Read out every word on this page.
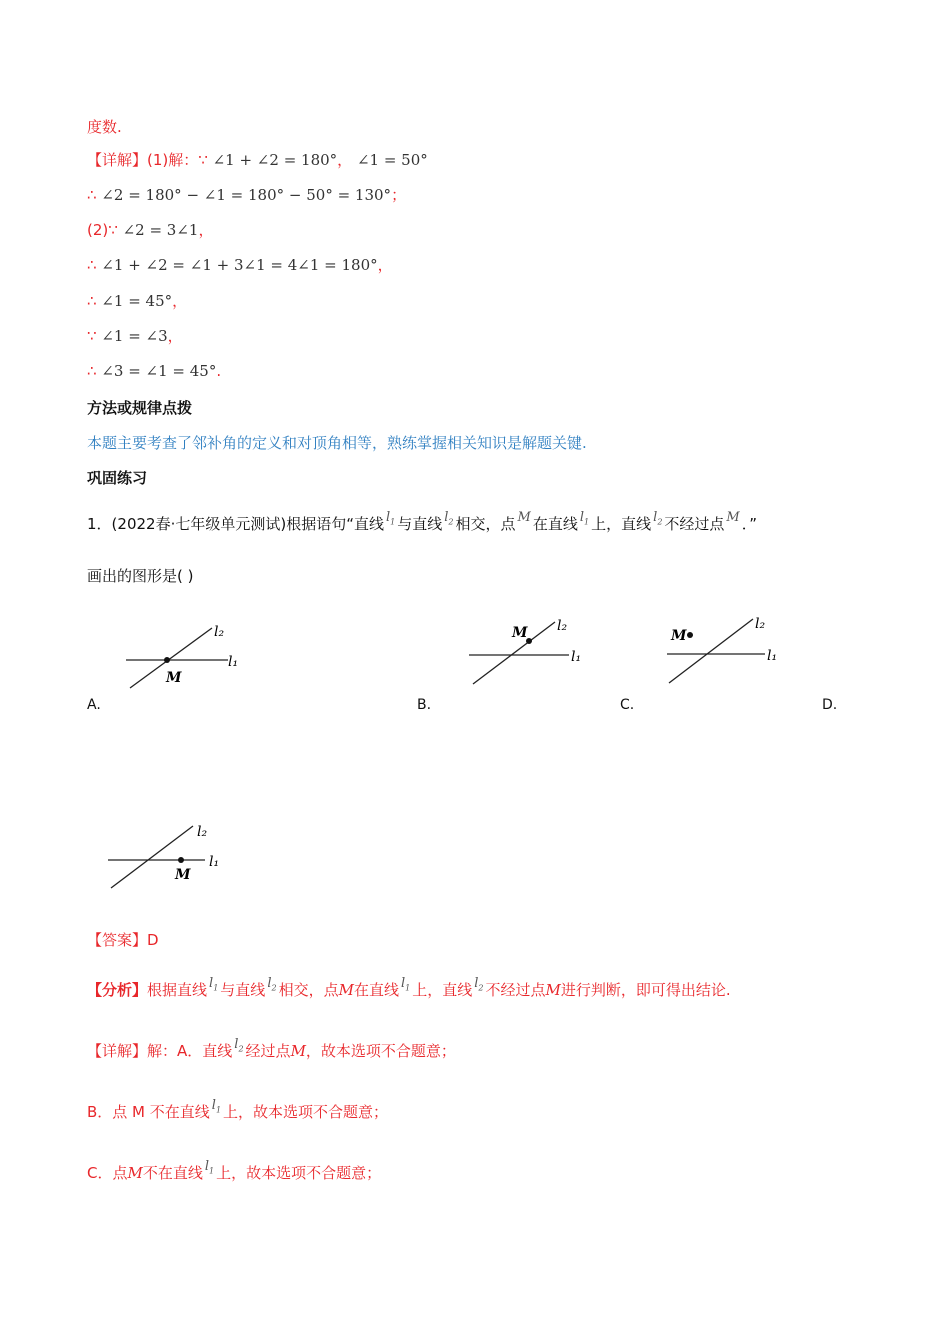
度数.
【详解】(1)解：∵ ∠1 + ∠2 = 180°， ∠1 = 50°
∴ ∠2 = 180° − ∠1 = 180° − 50° = 130°；
(2)∵ ∠2 = 3∠1，
∴ ∠1 + ∠2 = ∠1 + 3∠1 = 4∠1 = 180°，
∴ ∠1 = 45°，
∵ ∠1 = ∠3，
∴ ∠3 = ∠1 = 45°.
方法或规律点拨
本题主要考查了邻补角的定义和对顶角相等，熟练掌握相关知识是解题关键.
巩固练习
1．(2022春·七年级单元测试)根据语句“直线 $l_1$ 与直线 $l_2$ 相交，点 M 在直线 $l_1$ 上，直线 $l_2$ 不经过点 M ．”
画出的图形是( )
l₂
l₁
M
l₂
l₁
M
l₂
l₁
M
A.	B.	C.	D.
l₂
l₁
M
【答案】D
【分析】根据直线 $l_1$ 与直线 $l_2$ 相交，点M在直线 $l_1$ 上，直线 $l_2$ 不经过点M进行判断，即可得出结论.
【详解】解：A．直线 $l_2$ 经过点M，故本选项不合题意；
B．点 M 不在直线 $l_1$ 上，故本选项不合题意；
C．点M不在直线 $l_1$ 上，故本选项不合题意；
